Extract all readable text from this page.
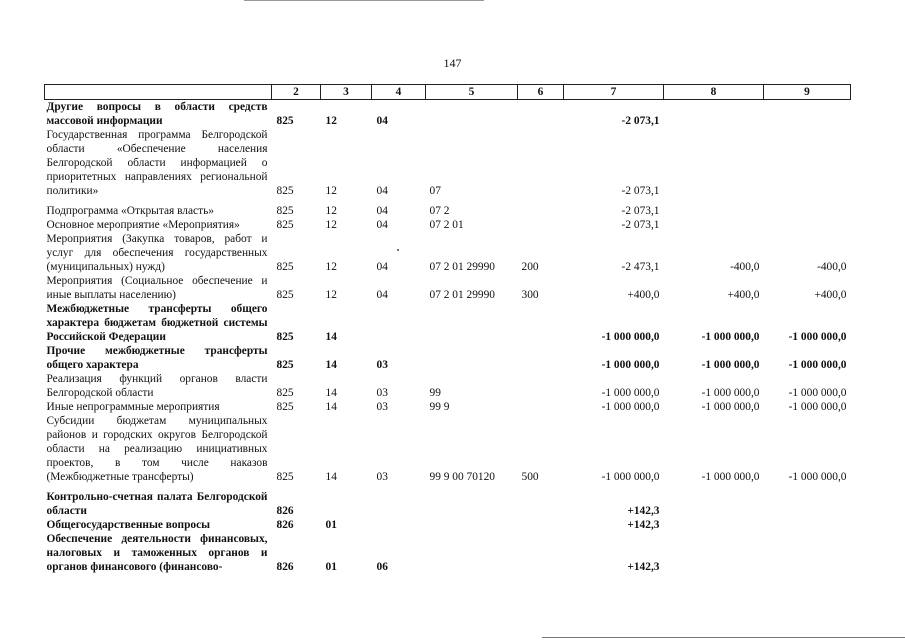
147
	2	3	4	5	6	7	8	9
Другие вопросы в области средств массовой информации	825	12	04			-2 073,1		
Государственная программа Белгородской области «Обеспечение населения Белгородской области информацией о приоритетных направлениях региональной политики»	825	12	04	07		-2 073,1		
Подпрограмма «Открытая власть»	825	12	04	07 2		-2 073,1		
Основное мероприятие «Мероприятия»	825	12	04	07 2 01		-2 073,1		
Мероприятия (Закупка товаров, работ и услуг для обеспечения государственных (муниципальных) нужд)	825	12	04	07 2 01 29990	200	-2 473,1	-400,0	-400,0
Мероприятия (Социальное обеспечение и иные выплаты населению)	825	12	04	07 2 01 29990	300	+400,0	+400,0	+400,0
Межбюджетные трансферты общего характера бюджетам бюджетной системы Российской Федерации	825	14				-1 000 000,0	-1 000 000,0	-1 000 000,0
Прочие межбюджетные трансферты общего характера	825	14	03			-1 000 000,0	-1 000 000,0	-1 000 000,0
Реализация функций органов власти Белгородской области	825	14	03	99		-1 000 000,0	-1 000 000,0	-1 000 000,0
Иные непрограммные мероприятия	825	14	03	99 9		-1 000 000,0	-1 000 000,0	-1 000 000,0
Субсидии бюджетам муниципальных районов и городских округов Белгородской области на реализацию инициативных проектов, в том числе наказов (Межбюджетные трансферты)	825	14	03	99 9 00 70120	500	-1 000 000,0	-1 000 000,0	-1 000 000,0
Контрольно-счетная палата Белгородской области	826					+142,3		
Общегосударственные вопросы	826	01				+142,3		
Обеспечение деятельности финансовых, налоговых и таможенных органов и органов финансового (финансово-	826	01	06			+142,3		
